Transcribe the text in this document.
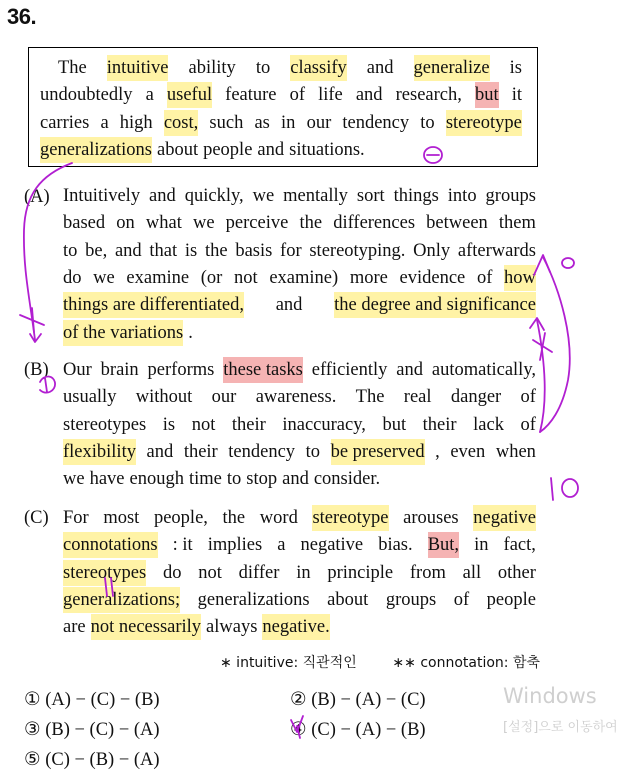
36.
The intuitive ability to classify and generalize is
undoubtedly a useful feature of life and research, but it
carries a high cost, such as in our tendency to stereotype
generalizations about people and situations.
(A) Intuitively and quickly, we mentally sort things into groups
based on what we perceive the differences between them
to be, and that is the basis for stereotyping. Only afterwards
do we examine (or not examine) more evidence of how
things are differentiated, and the degree and significance
of the variations .
(B) Our brain performs these tasks efficiently and automatically,
usually without our awareness. The real danger of
stereotypes is not their inaccuracy, but their lack of
flexibility and their tendency to be preserved , even when
we have enough time to stop and consider.
(C) For most people, the word stereotype arouses negative
connotations : it implies a negative bias. But, in fact,
stereotypes do not differ in principle from all other
generalizations; generalizations about groups of people
are not necessarily always negative.
∗ intuitive: 직관적인	∗∗ connotation: 함축
① (A) − (C) − (B)	② (B) − (A) − (C)
③ (B) − (C) − (A)	④ (C) − (A) − (B)
⑤ (C) − (B) − (A)
Windows
[설정]으로 이동하여
